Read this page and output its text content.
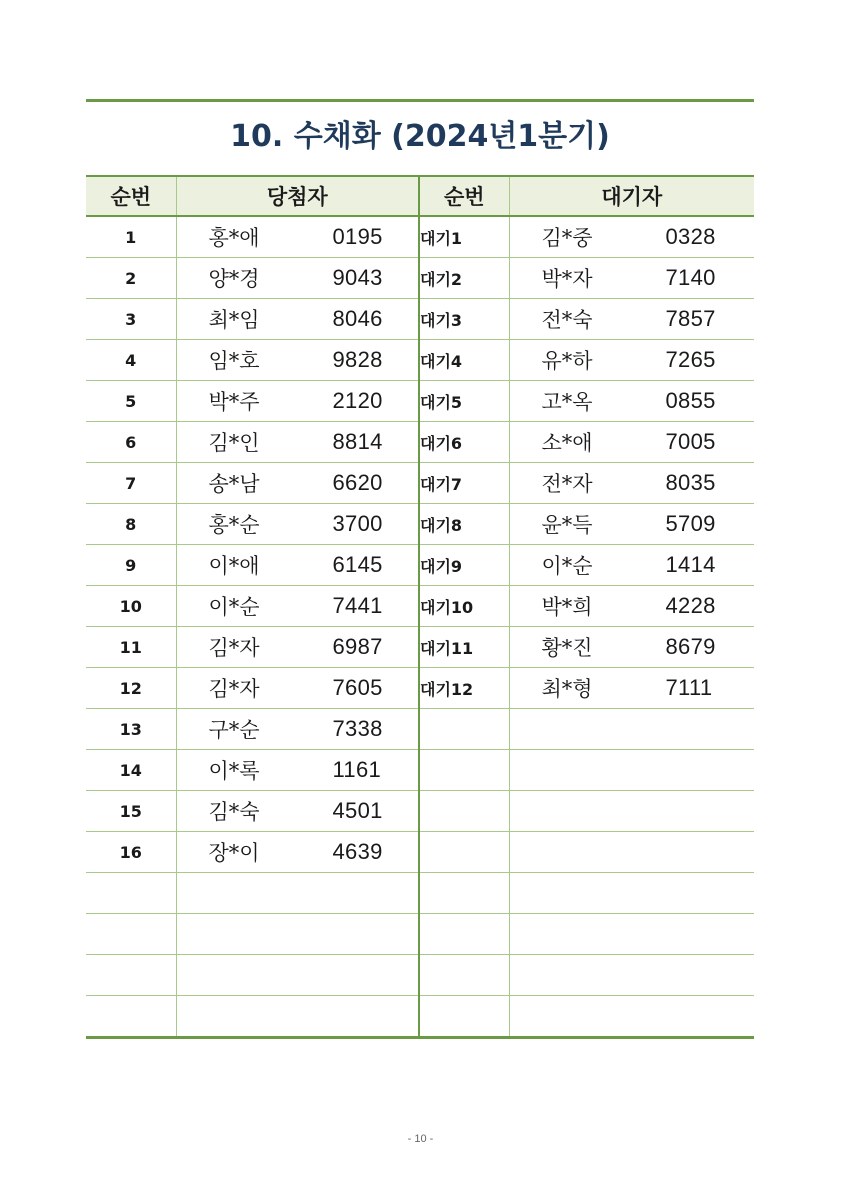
10. 수채화 (2024년1분기)
순번	당첨자	순번	대기자
1	홍*애 0195	대기1	김*중 0328

2	양*경 9043	대기2	박*자 7140

3	최*임 8046	대기3	전*숙 7857

4	임*호 9828	대기4	유*하 7265

5	박*주 2120	대기5	고*옥 0855

6	김*인 8814	대기6	소*애 7005

7	송*남 6620	대기7	전*자 8035

8	홍*순 3700	대기8	윤*득 5709

9	이*애 6145	대기9	이*순 1414

10	이*순 7441	대기10	박*희 4228

11	김*자 6987	대기11	황*진 8679

12	김*자 7605	대기12	최*형 7111

13	구*순 7338		

14	이*록 1161		

15	김*숙 4501		

16	장*이 4639		

- 10 -
